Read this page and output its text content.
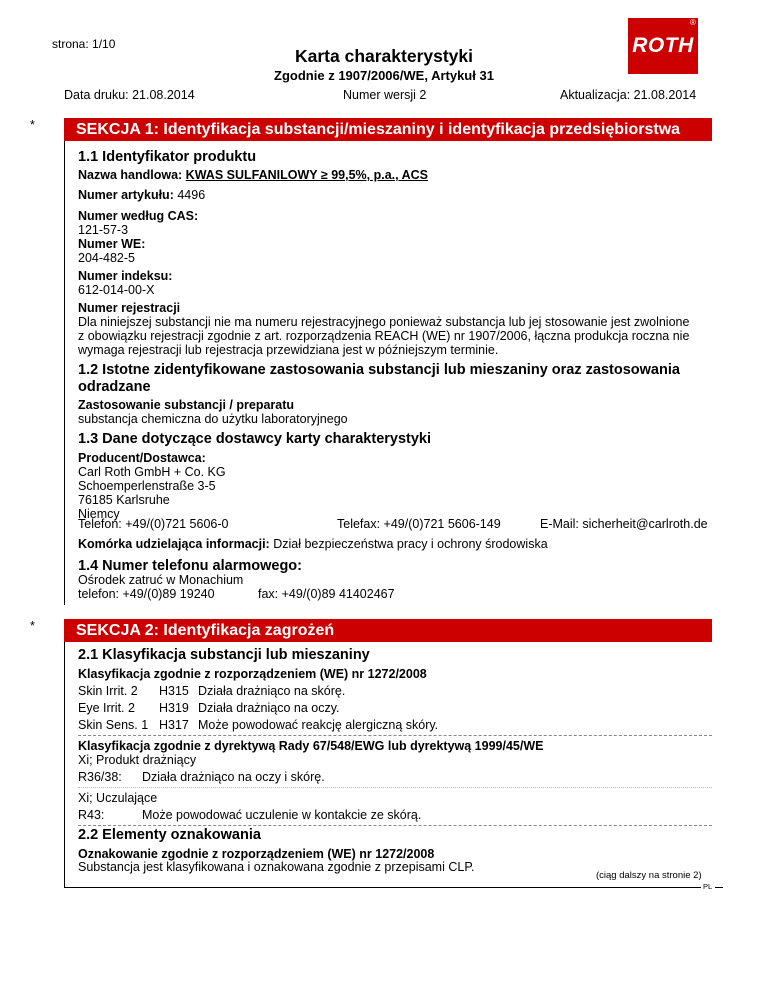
strona: 1/10
Karta charakterystyki
Zgodnie z 1907/2006/WE, Artykuł 31
ROTH
®
Data druku: 21.08.2014	Numer wersji 2	Aktualizacja: 21.08.2014
*	SEKCJA 1: Identyfikacja substancji/mieszaniny i identyfikacja przedsiębiorstwa
1.1 Identyfikator produktu
Nazwa handlowa: KWAS SULFANILOWY ≥ 99,5%, p.a., ACS
Numer artykułu: 4496
Numer według CAS:
121-57-3
Numer WE:
204-482-5
Numer indeksu:
612-014-00-X
Numer rejestracji
Dla niniejszej substancji nie ma numeru rejestracyjnego ponieważ substancja lub jej stosowanie jest zwolnione
z obowiązku rejestracji zgodnie z art. rozporządzenia REACH (WE) nr 1907/2006, łączna produkcja roczna nie
wymaga rejestracji lub rejestracja przewidziana jest w późniejszym terminie.
1.2 Istotne zidentyfikowane zastosowania substancji lub mieszaniny oraz zastosowania
odradzane
Zastosowanie substancji / preparatu
substancja chemiczna do użytku laboratoryjnego
1.3 Dane dotyczące dostawcy karty charakterystyki
Producent/Dostawca:
Carl Roth GmbH + Co. KG
Schoemperlenstraße 3-5
76185 Karlsruhe
Niemcy
Telefon: +49/(0)721 5606-0	Telefax: +49/(0)721 5606-149	E-Mail: sicherheit@carlroth.de
Komórka udzielająca informacji: Dział bezpieczeństwa pracy i ochrony środowiska
1.4 Numer telefonu alarmowego:
Ośrodek zatruć w Monachium
telefon: +49/(0)89 19240	fax: +49/(0)89 41402467
*	SEKCJA 2: Identyfikacja zagrożeń
2.1 Klasyfikacja substancji lub mieszaniny
Klasyfikacja zgodnie z rozporządzeniem (WE) nr 1272/2008
Skin Irrit. 2 H315 Działa drażniąco na skórę.
Eye Irrit. 2 H319 Działa drażniąco na oczy.
Skin Sens. 1 H317 Może powodować reakcję alergiczną skóry.
Klasyfikacja zgodnie z dyrektywą Rady 67/548/EWG lub dyrektywą 1999/45/WE
Xi; Produkt drażniący
R36/38: Działa drażniąco na oczy i skórę.
Xi; Uczulające
R43:	Może powodować uczulenie w kontakcie ze skórą.
2.2 Elementy oznakowania
Oznakowanie zgodnie z rozporządzeniem (WE) nr 1272/2008
Substancja jest klasyfikowana i oznakowana zgodnie z przepisami CLP.
(ciąg dalszy na stronie 2)
PL
